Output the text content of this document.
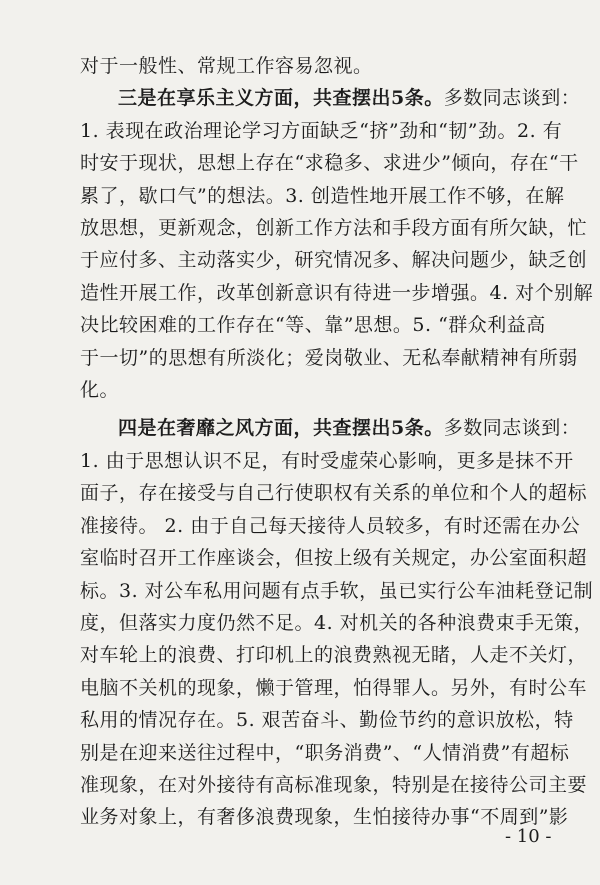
对于一般性、常规工作容易忽视。
三是在享乐主义方面，共查摆出5条。多数同志谈到：
1. 表现在政治理论学习方面缺乏“挤”劲和“韧”劲。2. 有
时安于现状，思想上存在“求稳多、求进少”倾向，存在“干
累了，歇口气”的想法。3. 创造性地开展工作不够，在解
放思想，更新观念，创新工作方法和手段方面有所欠缺，忙
于应付多、主动落实少，研究情况多、解决问题少，缺乏创
造性开展工作，改革创新意识有待进一步增强。4. 对个别解
决比较困难的工作存在“等、靠”思想。5. “群众利益高
于一切”的思想有所淡化；爱岗敬业、无私奉献精神有所弱
化。
四是在奢靡之风方面，共查摆出5条。多数同志谈到：
1. 由于思想认识不足，有时受虚荣心影响，更多是抹不开
面子，存在接受与自己行使职权有关系的单位和个人的超标
准接待。 2. 由于自己每天接待人员较多，有时还需在办公
室临时召开工作座谈会，但按上级有关规定，办公室面积超
标。3. 对公车私用问题有点手软，虽已实行公车油耗登记制
度，但落实力度仍然不足。4. 对机关的各种浪费束手无策，
对车轮上的浪费、打印机上的浪费熟视无睹，人走不关灯，
电脑不关机的现象，懒于管理，怕得罪人。另外，有时公车
私用的情况存在。5. 艰苦奋斗、勤俭节约的意识放松，特
别是在迎来送往过程中，“职务消费”、“人情消费”有超标
准现象，在对外接待有高标准现象，特别是在接待公司主要
业务对象上，有奢侈浪费现象，生怕接待办事“不周到”影
- 10 -
